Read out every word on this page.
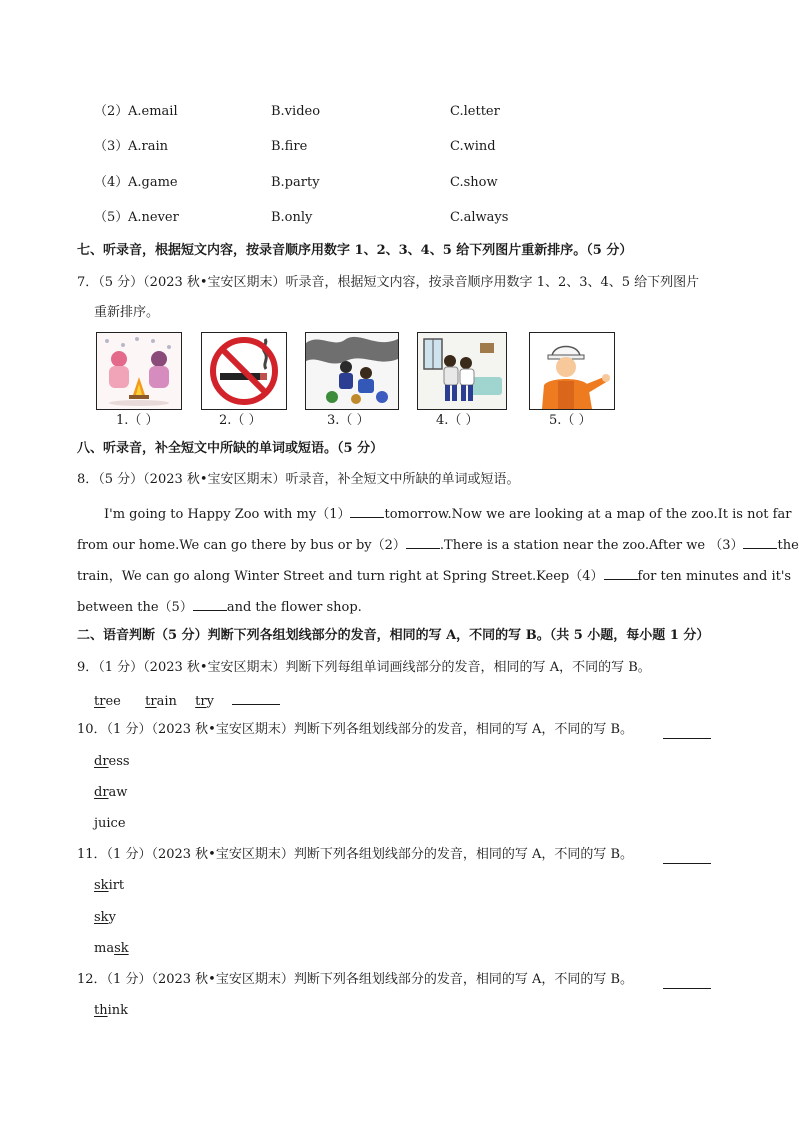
（2） A.email	B.video	C.letter
（3） A.rain	B.fire	C.wind
（4） A.game	B.party	C.show
（5） A.never	B.only	C.always
七、听录音，根据短文内容，按录音顺序用数字 1、2、3、4、5 给下列图片重新排序。（5 分）
7．（5 分）（2023 秋•宝安区期末）听录音，根据短文内容，按录音顺序用数字 1、2、3、4、5 给下列图片
重新排序。
1.（ ）	2.（ ）	3.（ ）	4.（ ）	5.（ ）
八、听录音，补全短文中所缺的单词或短语。（5 分）
8．（5 分）（2023 秋•宝安区期末）听录音，补全短文中所缺的单词或短语。
I'm going to Happy Zoo with my（1）	tomorrow.Now we are looking at a map of the zoo.It is not far
from our home.We can go there by bus or by（2）	.There is a station near the zoo.After we （3）	the
train，We can go along Winter Street and turn right at Spring Street.Keep（4）	for ten minutes and it's
between the（5）	and the flower shop.
二、语音判断（5 分）判断下列各组划线部分的发音，相同的写 A，不同的写 B。（共 5 小题，每小题 1 分）
9．（1 分）（2023 秋•宝安区期末）判断下列每组单词画线部分的发音，相同的写 A，不同的写 B。
tree train try
10．（1 分）（2023 秋•宝安区期末）判断下列各组划线部分的发音，相同的写 A，不同的写 B。
dress
draw
juice
11．（1 分）（2023 秋•宝安区期末）判断下列各组划线部分的发音，相同的写 A，不同的写 B。
skirt
sky
mask
12．（1 分）（2023 秋•宝安区期末）判断下列各组划线部分的发音，相同的写 A，不同的写 B。
think
